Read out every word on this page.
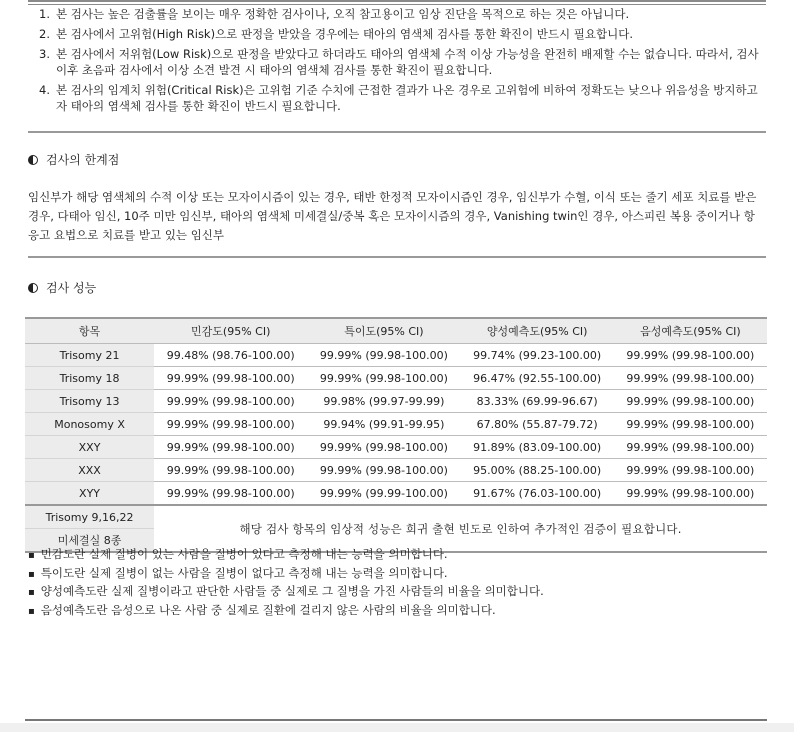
1. 본 검사는 높은 검출률을 보이는 매우 정확한 검사이나, 오직 참고용이고 임상 진단을 목적으로 하는 것은 아닙니다.
2. 본 검사에서 고위험(High Risk)으로 판정을 받았을 경우에는 태아의 염색체 검사를 통한 확진이 반드시 필요합니다.
3. 본 검사에서 저위험(Low Risk)으로 판정을 받았다고 하더라도 태아의 염색체 수적 이상 가능성을 완전히 배제할 수는 없습니다. 따라서, 검사 이후 초음파 검사에서 이상 소견 발견 시 태아의 염색체 검사를 통한 확진이 필요합니다.
4. 본 검사의 임계치 위험(Critical Risk)은 고위험 기준 수치에 근접한 결과가 나온 경우로 고위험에 비하여 정확도는 낮으나 위음성을 방지하고자 태아의 염색체 검사를 통한 확진이 반드시 필요합니다.
검사의 한계점
임신부가 해당 염색체의 수적 이상 또는 모자이시즘이 있는 경우, 태반 한정적 모자이시즘인 경우, 임신부가 수혈, 이식 또는 줄기 세포 치료를 받은 경우, 다태아 임신, 10주 미만 임신부, 태아의 염색체 미세결실/중복 혹은 모자이시즘의 경우, Vanishing twin인 경우, 아스피린 복용 중이거나 항 응고 요법으로 치료를 받고 있는 임신부
검사 성능
항목	민감도(95% CI)	특이도(95% CI)	양성예측도(95% CI)	음성예측도(95% CI)
Trisomy 21	99.48% (98.76-100.00)	99.99% (99.98-100.00)	99.74% (99.23-100.00)	99.99% (99.98-100.00)
Trisomy 18	99.99% (99.98-100.00)	99.99% (99.98-100.00)	96.47% (92.55-100.00)	99.99% (99.98-100.00)
Trisomy 13	99.99% (99.98-100.00)	99.98% (99.97-99.99)	83.33% (69.99-96.67)	99.99% (99.98-100.00)
Monosomy X	99.99% (99.98-100.00)	99.94% (99.91-99.95)	67.80% (55.87-79.72)	99.99% (99.98-100.00)
XXY	99.99% (99.98-100.00)	99.99% (99.98-100.00)	91.89% (83.09-100.00)	99.99% (99.98-100.00)
XXX	99.99% (99.98-100.00)	99.99% (99.98-100.00)	95.00% (88.25-100.00)	99.99% (99.98-100.00)
XYY	99.99% (99.98-100.00)	99.99% (99.99-100.00)	91.67% (76.03-100.00)	99.99% (99.98-100.00)
Trisomy 9,16,22	해당 검사 항목의 임상적 성능은 희귀 출현 빈도로 인하여 추가적인 검증이 필요합니다.			
미세결실 8종				
▪ 민감도란 실제 질병이 있는 사람을 질병이 있다고 측정해 내는 능력을 의미합니다.
▪ 특이도란 실제 질병이 없는 사람을 질병이 없다고 측정해 내는 능력을 의미합니다.
▪ 양성예측도란 실제 질병이라고 판단한 사람들 중 실제로 그 질병을 가진 사람들의 비율을 의미합니다.
▪ 음성예측도란 음성으로 나온 사람 중 실제로 질환에 걸리지 않은 사람의 비율을 의미합니다.
